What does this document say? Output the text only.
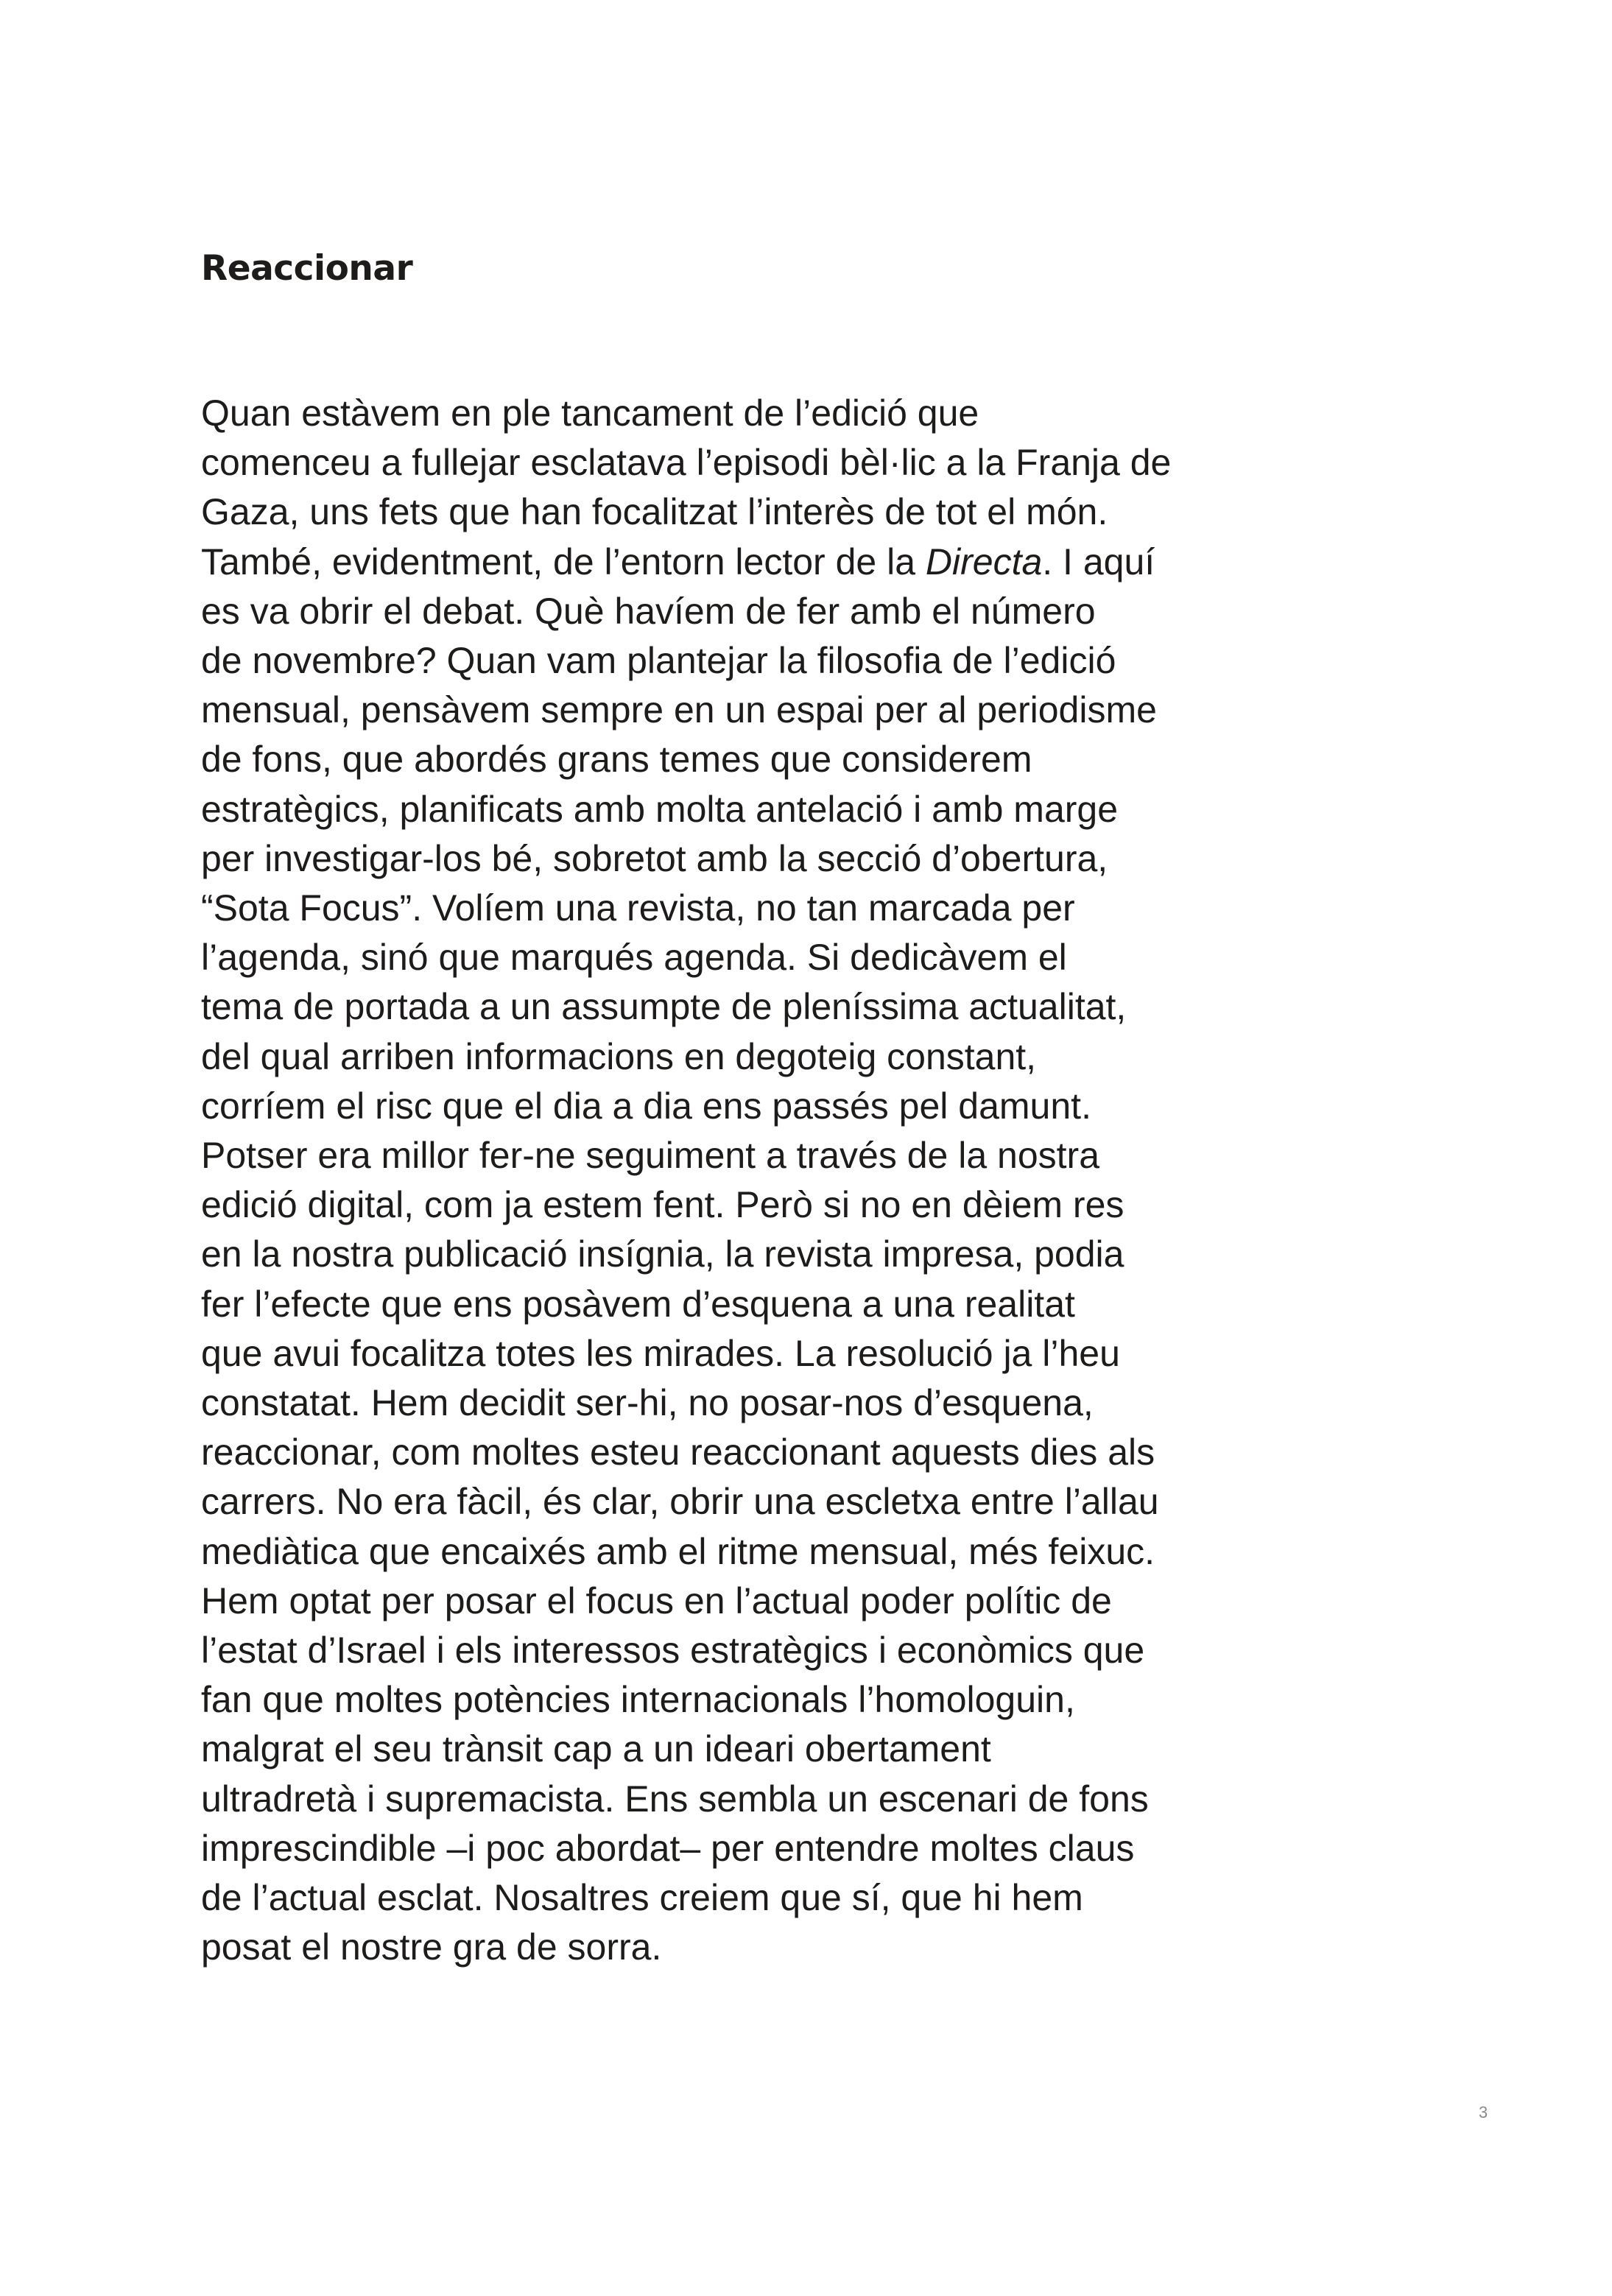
Reaccionar
Quan estàvem en ple tancament de l’edició que
comenceu a fullejar esclatava l’episodi bèl·lic a la Franja de
Gaza, uns fets que han focalitzat l’interès de tot el món.
També, evidentment, de l’entorn lector de la Directa. I aquí
es va obrir el debat. Què havíem de fer amb el número
de novembre? Quan vam plantejar la filosofia de l’edició
mensual, pensàvem sempre en un espai per al periodisme
de fons, que abordés grans temes que considerem
estratègics, planificats amb molta antelació i amb marge
per investigar-los bé, sobretot amb la secció d’obertura,
“Sota Focus”. Volíem una revista, no tan marcada per
l’agenda, sinó que marqués agenda. Si dedicàvem el
tema de portada a un assumpte de pleníssima actualitat,
del qual arriben informacions en degoteig constant,
corríem el risc que el dia a dia ens passés pel damunt.
Potser era millor fer-ne seguiment a través de la nostra
edició digital, com ja estem fent. Però si no en dèiem res
en la nostra publicació insígnia, la revista impresa, podia
fer l’efecte que ens posàvem d’esquena a una realitat
que avui focalitza totes les mirades. La resolució ja l’heu
constatat. Hem decidit ser-hi, no posar-nos d’esquena,
reaccionar, com moltes esteu reaccionant aquests dies als
carrers. No era fàcil, és clar, obrir una escletxa entre l’allau
mediàtica que encaixés amb el ritme mensual, més feixuc.
Hem optat per posar el focus en l’actual poder polític de
l’estat d’Israel i els interessos estratègics i econòmics que
fan que moltes potències internacionals l’homologuin,
malgrat el seu trànsit cap a un ideari obertament
ultradretà i supremacista. Ens sembla un escenari de fons
imprescindible –i poc abordat– per entendre moltes claus
de l’actual esclat. Nosaltres creiem que sí, que hi hem
posat el nostre gra de sorra.
3
